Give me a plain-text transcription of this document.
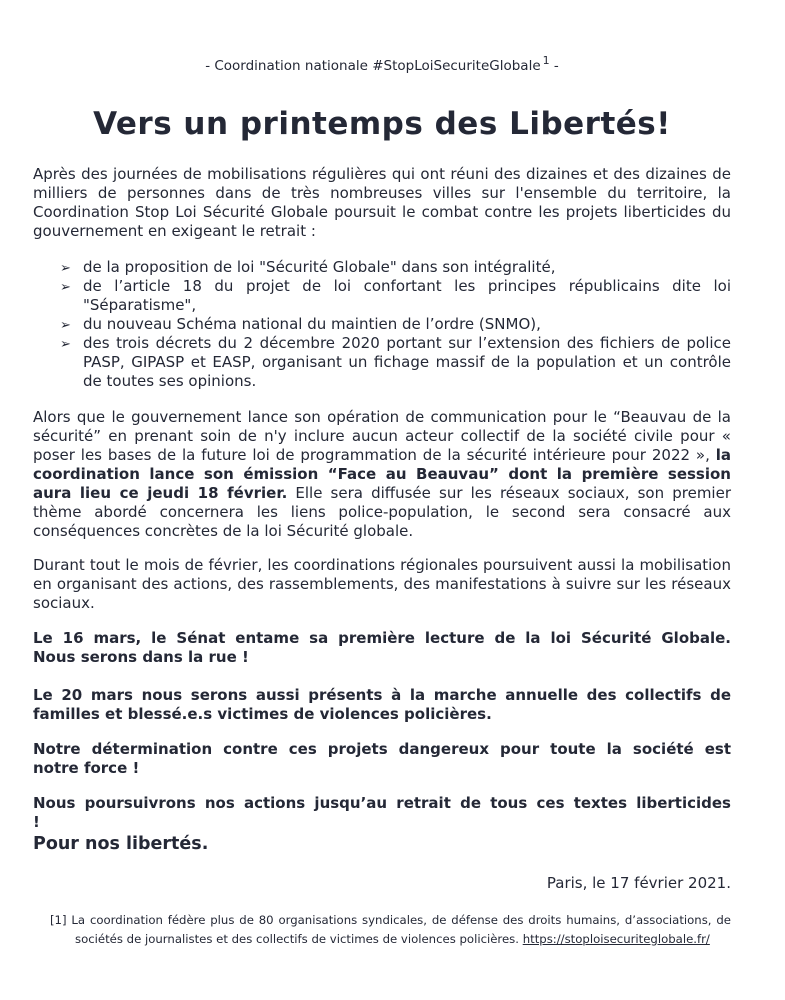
- Coordination nationale #StopLoiSecuriteGlobale $^1$ -
Vers un printemps des Libertés!

Après des journées de mobilisations régulières qui ont réuni des dizaines et des dizaines de milliers de personnes dans de très nombreuses villes sur l'ensemble du territoire, la Coordination Stop Loi Sécurité Globale poursuit le combat contre les projets liberticides du gouvernement en exigeant le retrait :

➢ de la proposition de loi "Sécurité Globale" dans son intégralité,
➢ de l’article 18 du projet de loi confortant les principes républicains dite loi "Séparatisme",
➢ du nouveau Schéma national du maintien de l’ordre (SNMO),
➢ des trois décrets du 2 décembre 2020 portant sur l’extension des fichiers de police PASP, GIPASP et EASP, organisant un fichage massif de la population et un contrôle de toutes ses opinions.

Alors que le gouvernement lance son opération de communication pour le “Beauvau de la sécurité” en prenant soin de n'y inclure aucun acteur collectif de la société civile pour « poser les bases de la future loi de programmation de la sécurité intérieure pour 2022 », la coordination lance son émission “Face au Beauvau” dont la première session aura lieu ce jeudi 18 février. Elle sera diffusée sur les réseaux sociaux, son premier thème abordé concernera les liens police-population, le second sera consacré aux conséquences concrètes de la loi Sécurité globale.

Durant tout le mois de février, les coordinations régionales poursuivent aussi la mobilisation en organisant des actions, des rassemblements, des manifestations à suivre sur les réseaux sociaux.

Le 16 mars, le Sénat entame sa première lecture de la loi Sécurité Globale.
Nous serons dans la rue !

Le 20 mars nous serons aussi présents à la marche annuelle des collectifs de familles et blessé.e.s victimes de violences policières.

Notre détermination contre ces projets dangereux pour toute la société est
notre force !
Nous poursuivrons nos actions jusqu’au retrait de tous ces textes liberticides
!

Pour nos libertés.

Paris, le 17 février 2021.

[1] La coordination fédère plus de 80 organisations syndicales, de défense des droits humains, d’associations, de sociétés de journalistes et des collectifs de victimes de violences policières. https://stoploisecuriteglobale.fr/
